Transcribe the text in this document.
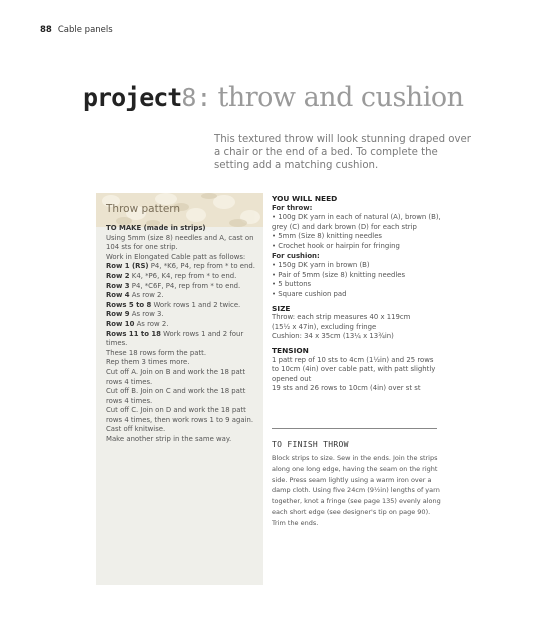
88 Cable panels
project8: throw and cushion
This textured throw will look stunning draped over a chair or the end of a bed. To complete the setting add a matching cushion.
Throw pattern
TO MAKE (made in strips)
Using 5mm (size 8) needles and A, cast on
104 sts for one strip.
Work in Elongated Cable patt as follows:
Row 1 (RS) P4, *K6, P4, rep from * to end.
Row 2 K4, *P6, K4, rep from * to end.
Row 3 P4, *C6F, P4, rep from * to end.
Row 4 As row 2.
Rows 5 to 8 Work rows 1 and 2 twice.
Row 9 As row 3.
Row 10 As row 2.
Rows 11 to 18 Work rows 1 and 2 four
times.
These 18 rows form the patt.
Rep them 3 times more.
Cut off A. Join on B and work the 18 patt
rows 4 times.
Cut off B. Join on C and work the 18 patt
rows 4 times.
Cut off C. Join on D and work the 18 patt
rows 4 times, then work rows 1 to 9 again.
Cast off knitwise.
Make another strip in the same way.
YOU WILL NEED
For throw:
• 100g DK yarn in each of natural (A), brown (B),
grey (C) and dark brown (D) for each strip
• 5mm (Size 8) knitting needles
• Crochet hook or hairpin for fringing
For cushion:
• 150g DK yarn in brown (B)
• Pair of 5mm (size 8) knitting needles
• 5 buttons
• Square cushion pad
SIZE
Throw: each strip measures 40 x 119cm
(15½ x 47in), excluding fringe
Cushion: 34 x 35cm (13¼ x 13¾in)
TENSION
1 patt rep of 10 sts to 4cm (1½in) and 25 rows
to 10cm (4in) over cable patt, with patt slightly
opened out
19 sts and 26 rows to 10cm (4in) over st st
TO FINISH THROW
Block strips to size. Sew in the ends. Join the strips
along one long edge, having the seam on the right
side. Press seam lightly using a warm iron over a
damp cloth. Using five 24cm (9½in) lengths of yarn
together, knot a fringe (see page 135) evenly along
each short edge (see designer's tip on page 90).
Trim the ends.
